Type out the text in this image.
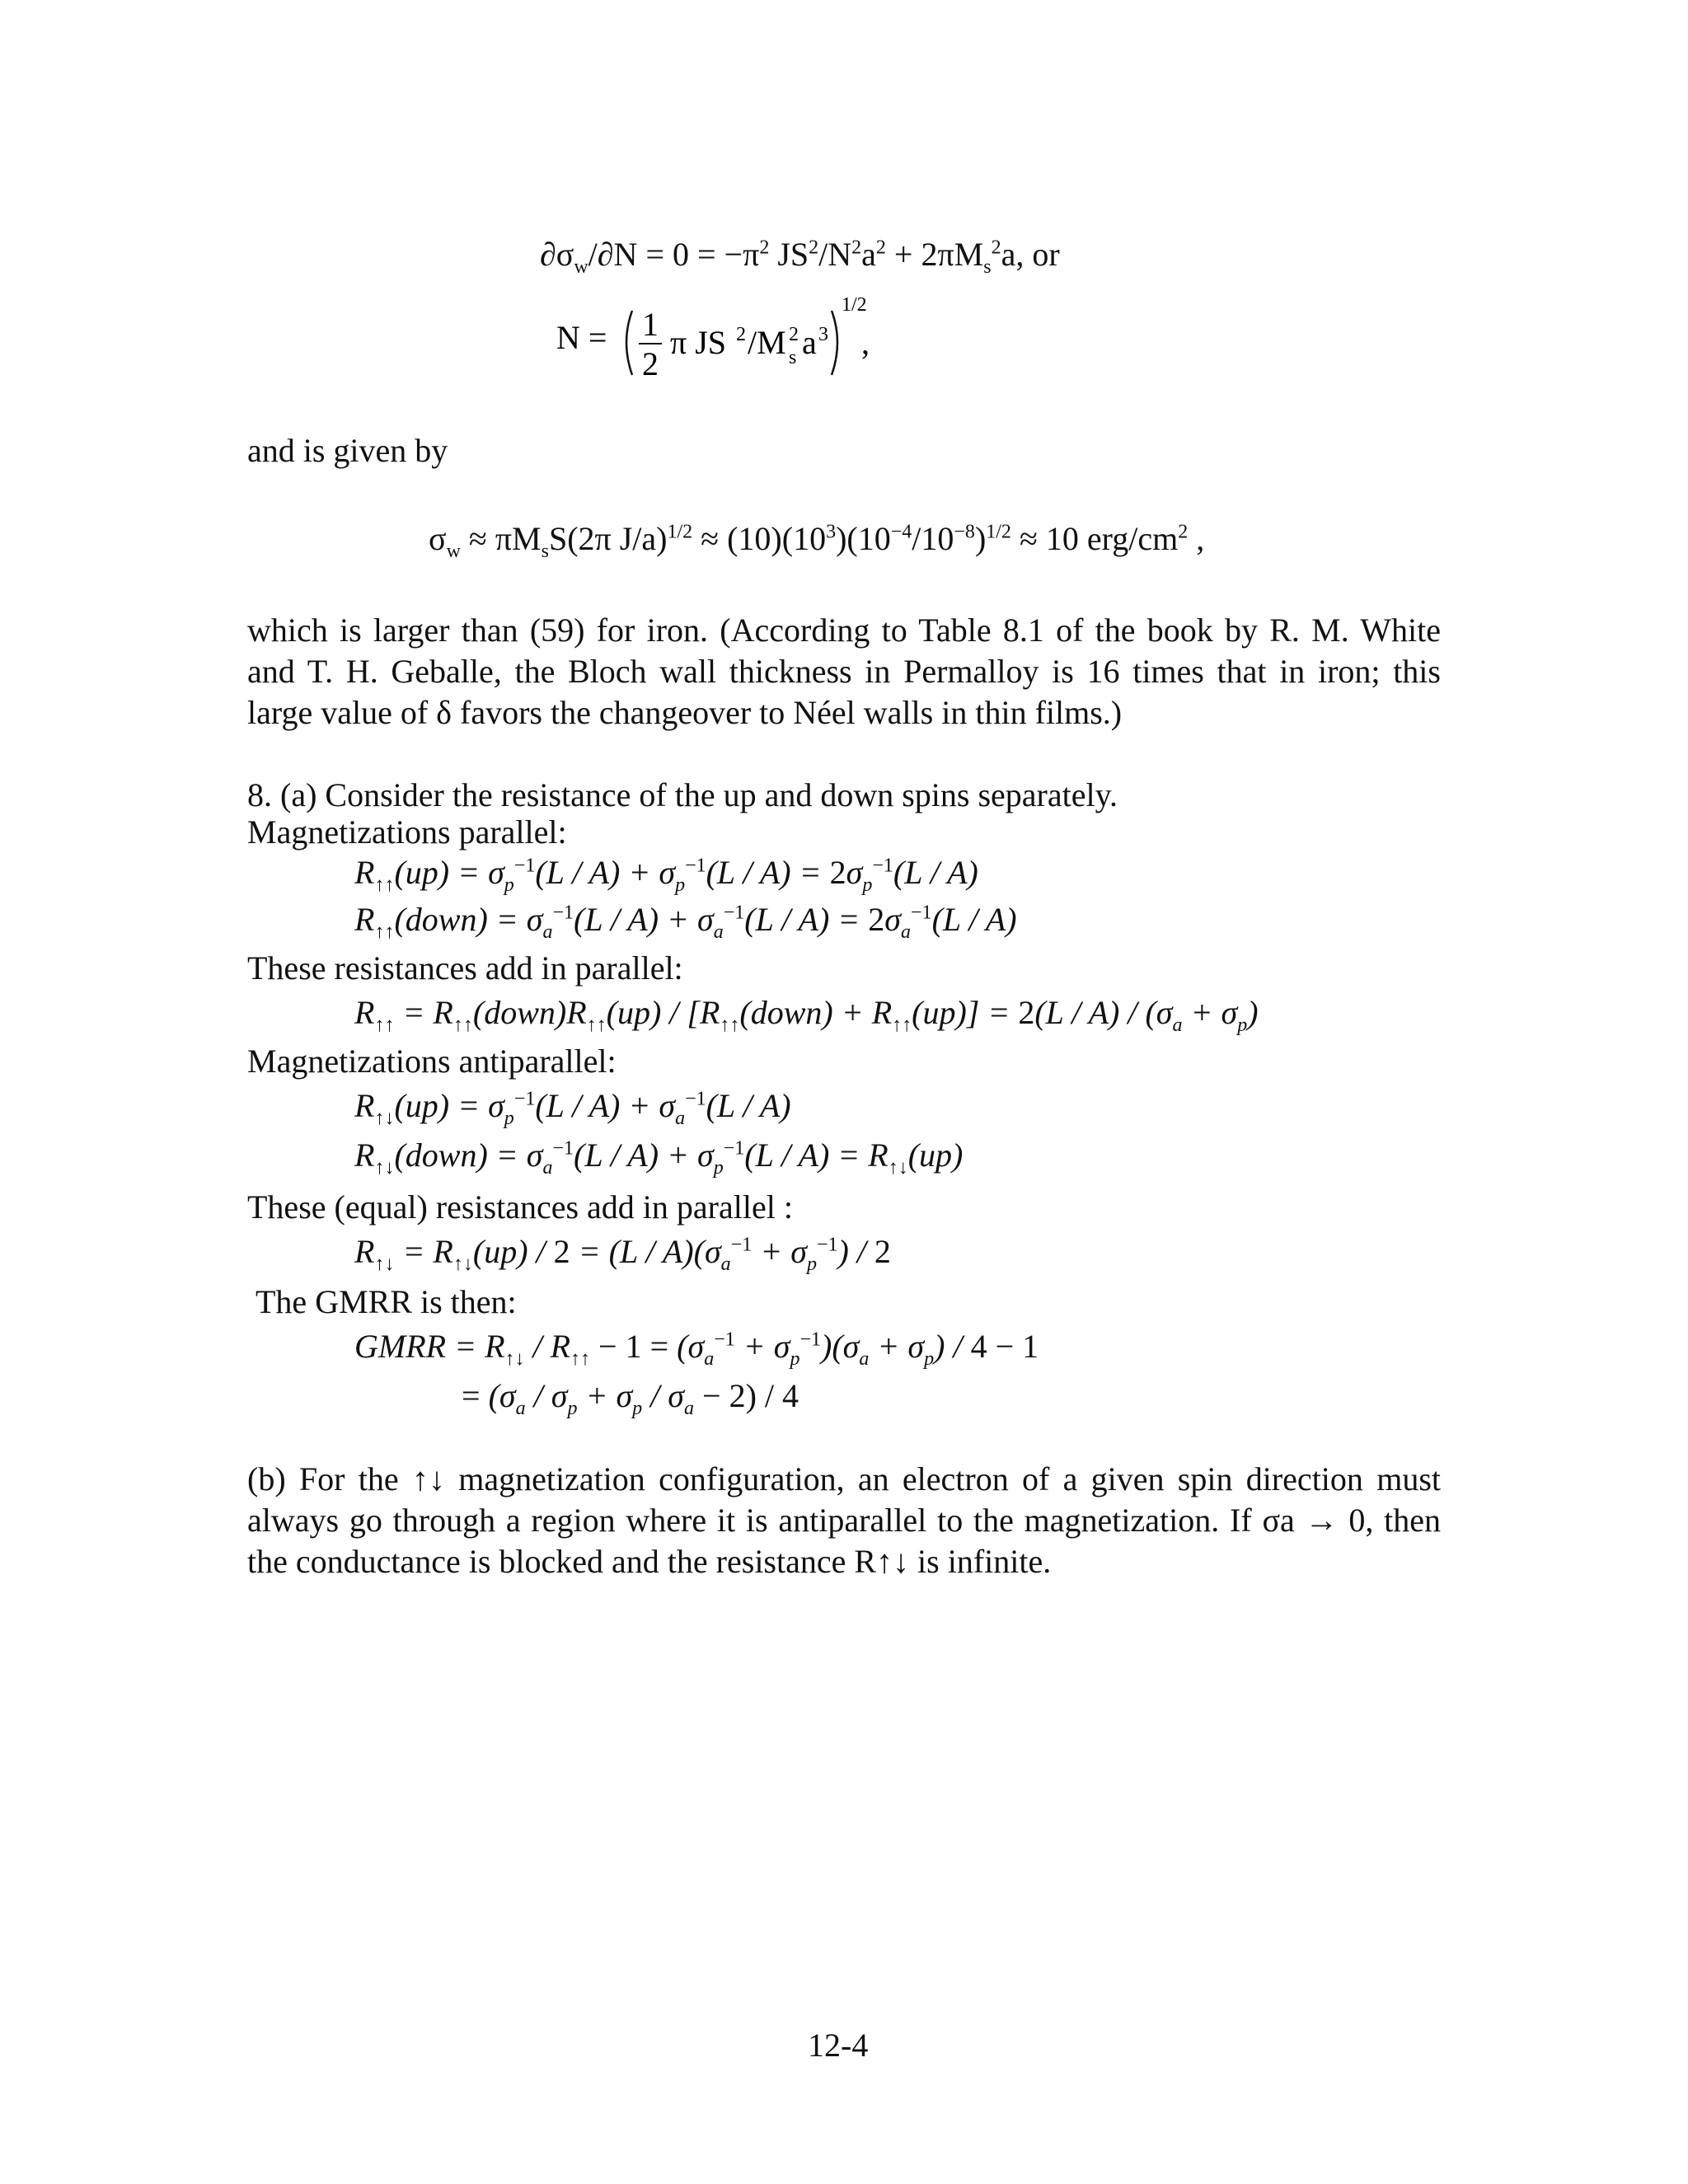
$\partial\sigma_w/\partial N = 0 = -\pi^2$ $JS^2/N^2a^2 + 2\pi M_s^2a$, or
N = 1
2
π JS 2 /M s
2 a 3
1/2
,
and is given by
$\sigma_w \approx \pi M_sS(2\pi$ $J/a)^{1/2} \approx (10)(10^3)(10^{-4}/10^{-8})^{1/2} \approx 10$ erg/$cm^2$ ,
which is larger than (59) for iron. (According to Table 8.1 of the book by R. M. White
and T. H. Geballe, the Bloch wall thickness in Permalloy is 16 times that in iron; this
large value of δ favors the changeover to Néel walls in thin films.)
8. (a) Consider the resistance of the up and down spins separately.
Magnetizations parallel:
$R_{↑↑}(up) = \sigma_p^{-1}(L / A) + \sigma_p^{-1}(L / A) = 2\sigma_p^{-1}(L / A)$
$R_{↑↑}(down) = \sigma_a^{-1}(L / A) + \sigma_a^{-1}(L / A) = 2\sigma_a^{-1}(L / A)$
These resistances add in parallel:
$R_{↑↑}$ = $R_{↑↑}(down)R_{↑↑}(up)$ / $[R_{↑↑}(down) + R_{↑↑}(up)] = 2(L / A) / (\sigma_a + \sigma_p)$
Magnetizations antiparallel:
$R_{↑↓}(up) = \sigma_p^{-1}(L / A) + \sigma_a^{-1}(L / A)$
$R_{↑↓}(down) = \sigma_a^{-1}(L / A) + \sigma_p^{-1}(L / A) = R_{↑↓}(up)$
These (equal) resistances add in parallel :
$R_{↑↓} = R_{↑↓}(up) / 2 = (L / A)(\sigma_a^{-1} + \sigma_p^{-1}) / 2$
The GMRR is then:
GMRR = $R_{↑↓} / R_{↑↑} - 1 = (\sigma_a^{-1} + \sigma_p^{-1})(\sigma_a + \sigma_p) / 4 - 1$
= $(\sigma_a / \sigma_p + \sigma_p / \sigma_a - 2) / 4$
(b) For the ↑↓ magnetization configuration, an electron of a given spin direction must
always go through a region where it is antiparallel to the magnetization. If σa → 0, then
the conductance is blocked and the resistance R↑↓ is infinite.
12-4
